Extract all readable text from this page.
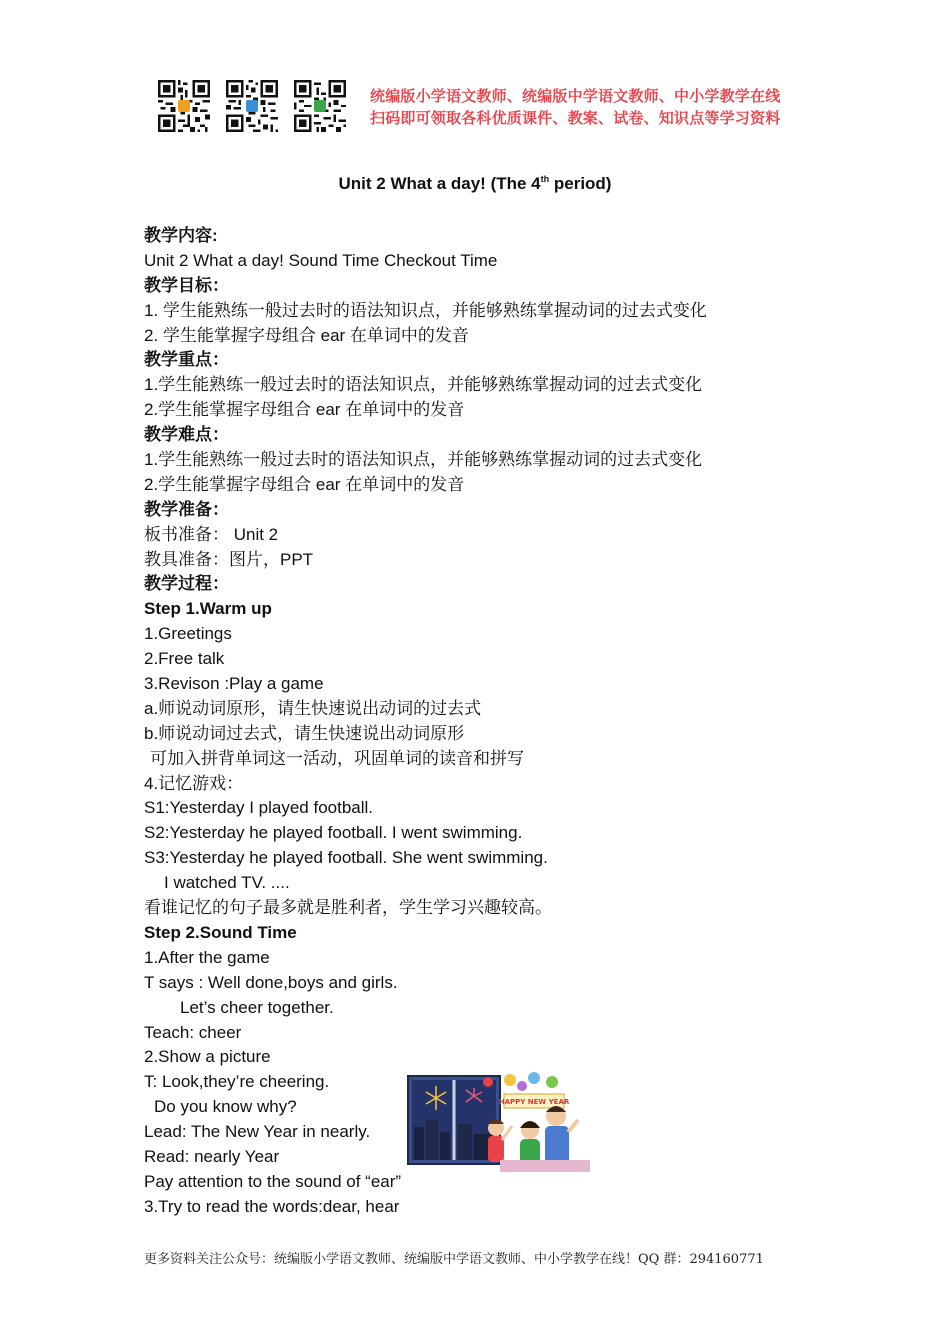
统编版小学语文教师、统编版中学语文教师、中小学教学在线
扫码即可领取各科优质课件、教案、试卷、知识点等学习资料
Unit 2 What a day! (The 4th period)
教学内容:
Unit 2 What a day! Sound Time Checkout Time
教学目标：
1. 学生能熟练一般过去时的语法知识点，并能够熟练掌握动词的过去式变化
2. 学生能掌握字母组合 ear 在单词中的发音
教学重点：
1.学生能熟练一般过去时的语法知识点，并能够熟练掌握动词的过去式变化
2.学生能掌握字母组合 ear 在单词中的发音
教学难点：
1.学生能熟练一般过去时的语法知识点，并能够熟练掌握动词的过去式变化
2.学生能掌握字母组合 ear 在单词中的发音
教学准备：
板书准备： Unit 2
教具准备：图片，PPT
教学过程：
Step 1.Warm up
1.Greetings
2.Free talk
3.Revison :Play a game
a.师说动词原形，请生快速说出动词的过去式
b.师说动词过去式，请生快速说出动词原形
可加入拼背单词这一活动，巩固单词的读音和拼写
4.记忆游戏：
S1:Yesterday I played football.
S2:Yesterday he played football. I went swimming.
S3:Yesterday he played football. She went swimming.
I watched TV. ....
看谁记忆的句子最多就是胜利者，学生学习兴趣较高。
Step 2.Sound Time
1.After the game
T says : Well done,boys and girls.
Let’s cheer together.
Teach: cheer
2.Show a picture
T: Look,they’re cheering.
Do you know why?
Lead: The New Year in nearly.
Read: nearly Year
Pay attention to the sound of “ear”
3.Try to read the words:dear, hear
HAPPY NEW YEAR
更多资料关注公众号：统编版小学语文教师、统编版中学语文教师、中小学教学在线！QQ 群：294160771
